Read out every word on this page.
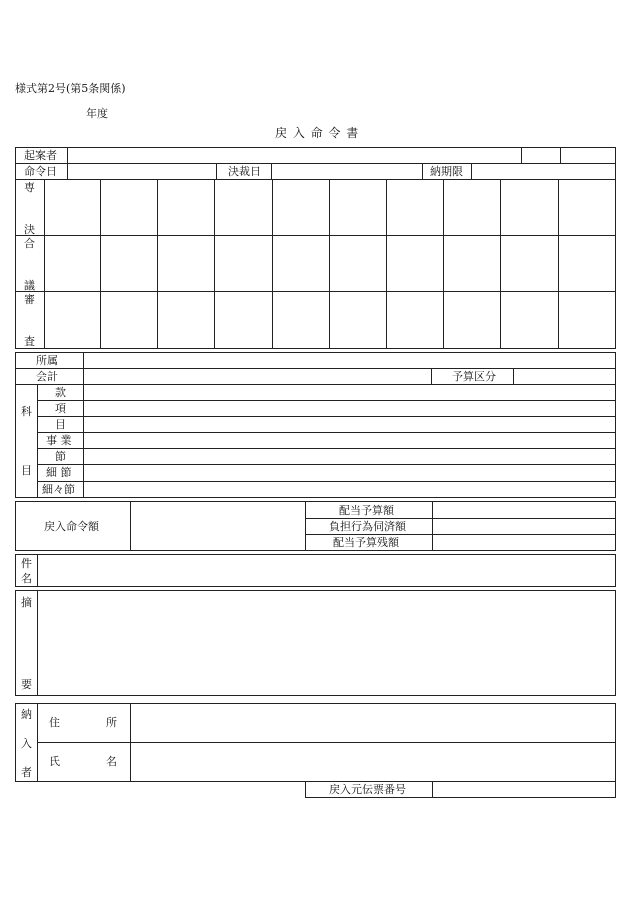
様式第2号(第5条関係)
年度
戻 入 命 令 書
起案者
命令日	決裁日	納期限
専
決
合
議
審
査
所属
会計	予算区分
科
目
款
項
目
事 業
節
細 節
細々節
戻入命令額
配当予算額
負担行為伺済額
配当予算残額
件
名
摘
要
納
入
者
住	所
氏	名
戻入元伝票番号
